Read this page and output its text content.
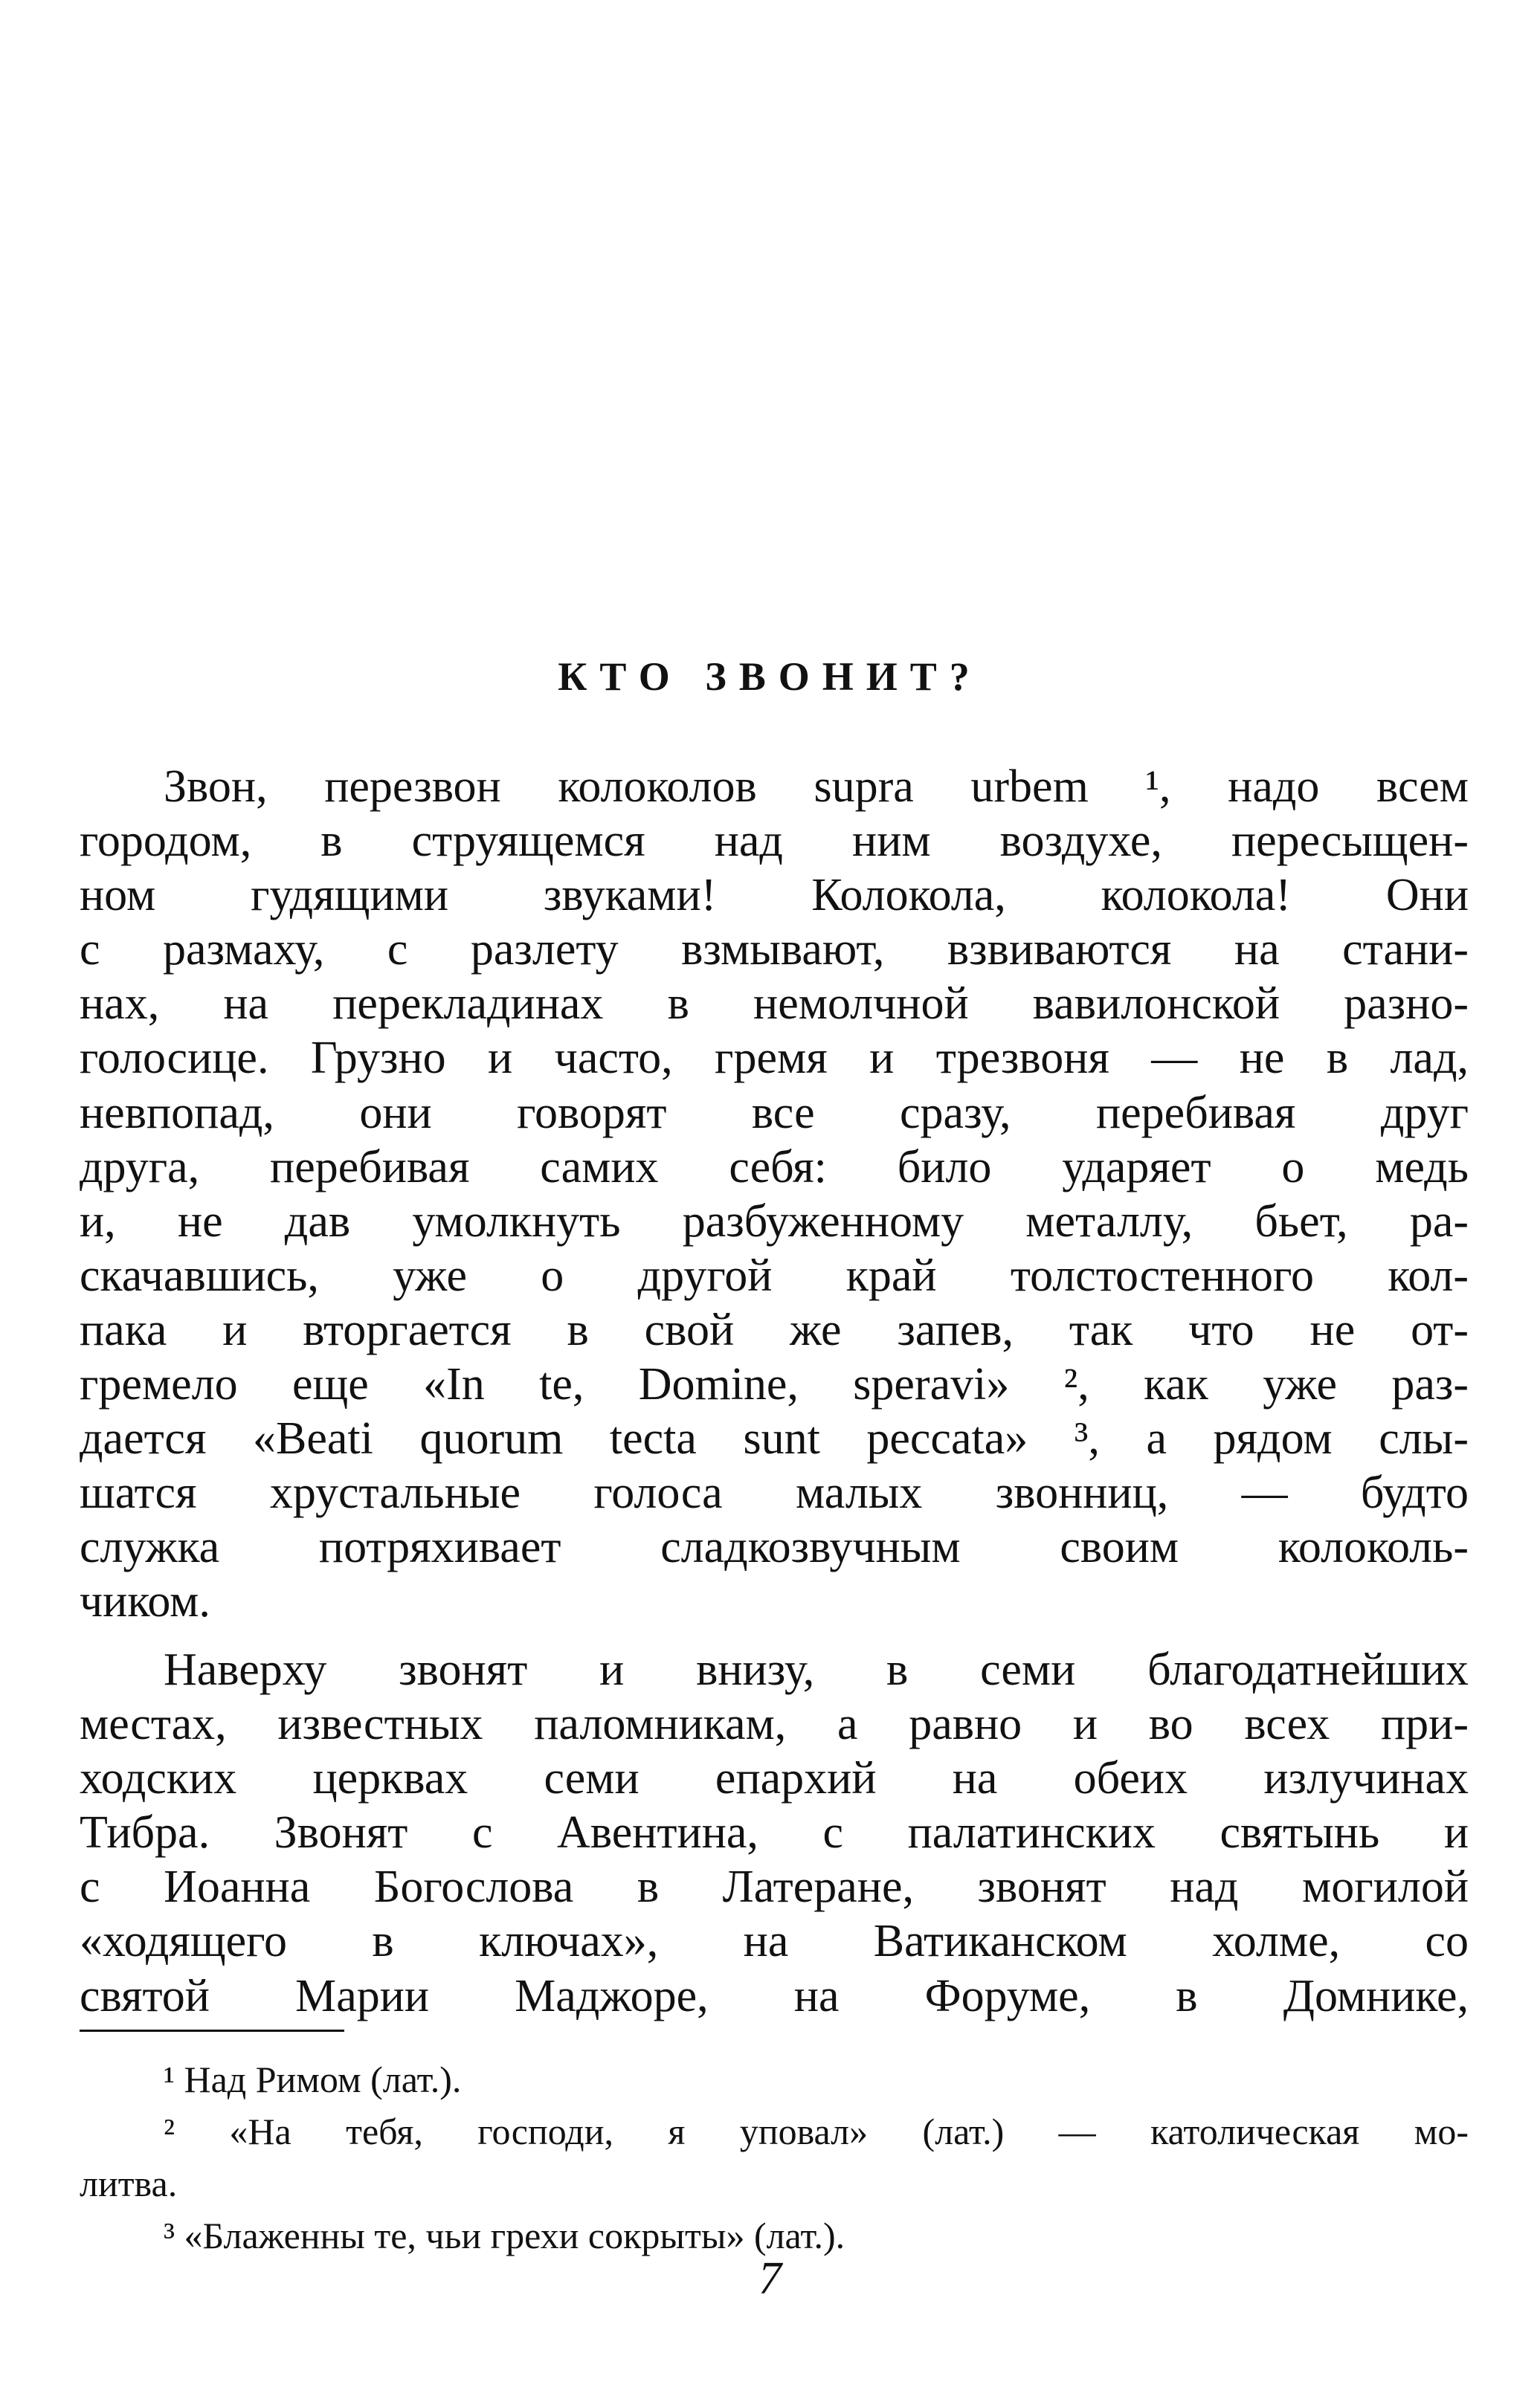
КТО ЗВОНИТ?
Звон, перезвон колоколов supra urbem ¹, надо всем
городом, в струящемся над ним воздухе, пересыщен-
ном гудящими звуками! Колокола, колокола! Они
с размаху, с разлету взмывают, взвиваются на стани-
нах, на перекладинах в немолчной вавилонской разно-
голосице. Грузно и часто, гремя и трезвоня — не в лад,
невпопад, они говорят все сразу, перебивая друг
друга, перебивая самих себя: било ударяет о медь
и, не дав умолкнуть разбуженному металлу, бьет, ра-
скачавшись, уже о другой край толстостенного кол-
пака и вторгается в свой же запев, так что не от-
гремело еще «In te, Domine, speravi» ², как уже раз-
дается «Beati quorum tecta sunt peccata» ³, а рядом слы-
шатся хрустальные голоса малых звонниц, — будто
служка потряхивает сладкозвучным своим колоколь-
чиком.
Наверху звонят и внизу, в семи благодатнейших
местах, известных паломникам, а равно и во всех при-
ходских церквах семи епархий на обеих излучинах
Тибра. Звонят с Авентина, с палатинских святынь и
с Иоанна Богослова в Латеране, звонят над могилой
«ходящего в ключах», на Ватиканском холме, со
святой Марии Маджоре, на Форуме, в Домнике,
¹ Над Римом (лат.).
² «На тебя, господи, я уповал» (лат.) — католическая мо-
литва.
³ «Блаженны те, чьи грехи сокрыты» (лат.).
7
